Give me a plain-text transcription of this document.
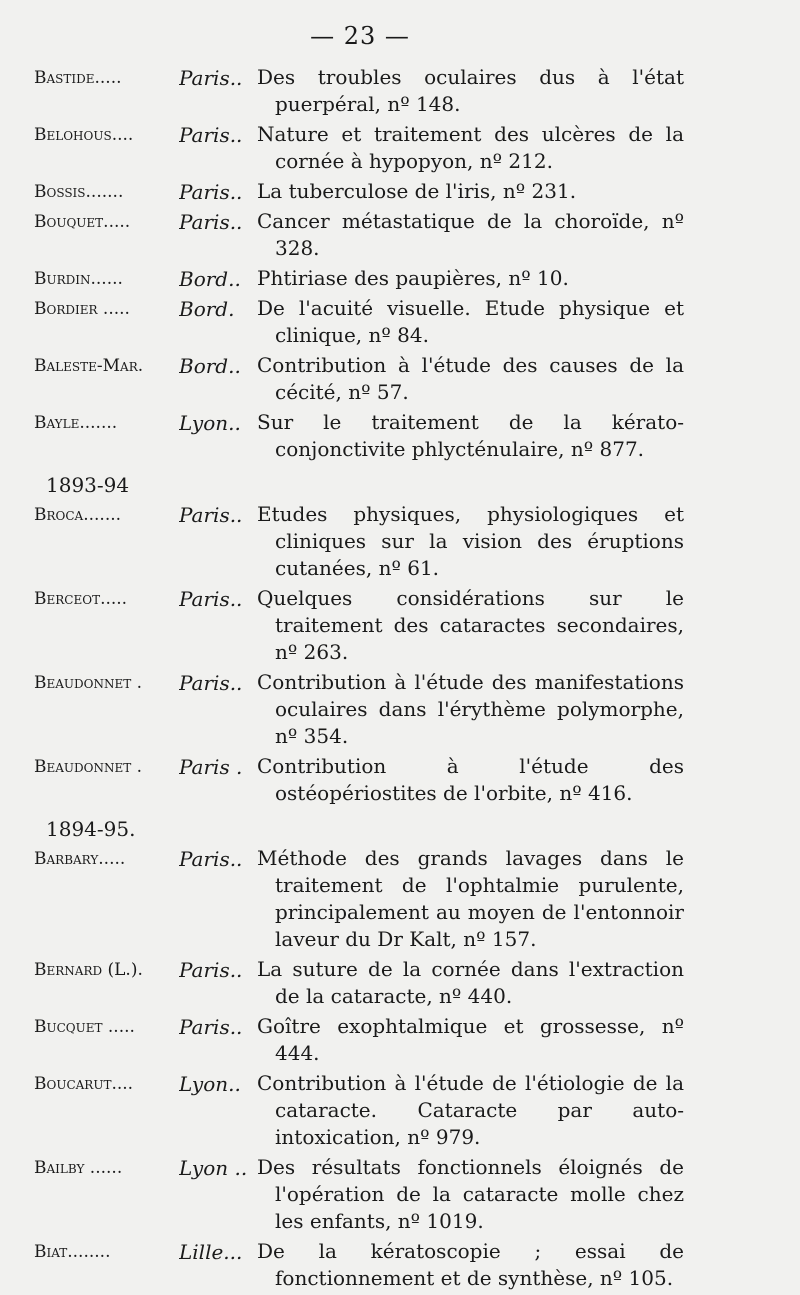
— 23 —
Bastide.....	Paris.. Des troubles oculaires dus à l'état puerpéral, nº 148.
Belohous....	Paris.. Nature et traitement des ulcères de la cornée à hypopyon, nº 212.
Bossis.......	Paris.. La tuberculose de l'iris, nº 231.
Bouquet.....	Paris.. Cancer métastatique de la choroïde, nº 328.
Burdin......	Bord.. Phtiriase des paupières, nº 10.
Bordier .....	Bord.	De l'acuité visuelle. Etude physique et clinique, nº 84.
Baleste-Mar.	Bord.. Contribution à l'étude des causes de la cécité, nº 57.
Bayle.......	Lyon.. Sur le traitement de la kérato-conjonctivite phlycténulaire, nº 877.
1893-94
Broca.......	Paris.. Etudes physiques, physiologiques et cliniques sur la vision des éruptions cutanées, nº 61.
Berceot.....	Paris.. Quelques considérations sur le traitement des cataractes secondaires, nº 263.
Beaudonnet .	Paris.. Contribution à l'étude des manifestations oculaires dans l'érythème polymorphe, nº 354.
Beaudonnet .	Paris . Contribution à l'étude des ostéopériostites de l'orbite, nº 416.
1894-95.
Barbary.....	Paris.. Méthode des grands lavages dans le traitement de l'ophtalmie purulente, principalement au moyen de l'entonnoir laveur du Dr Kalt, nº 157.
Bernard (L.).	Paris.. La suture de la cornée dans l'extraction de la cataracte, nº 440.
Bucquet .....	Paris.. Goître exophtalmique et grossesse, nº 444.
Boucarut....	Lyon.. Contribution à l'étude de l'étiologie de la cataracte. Cataracte par auto-intoxication, nº 979.
Bailby ......	Lyon .. Des résultats fonctionnels éloignés de l'opération de la cataracte molle chez les enfants, nº 1019.
Biat........	Lille... De la kératoscopie ; essai de fonctionnement et de synthèse, nº 105.
